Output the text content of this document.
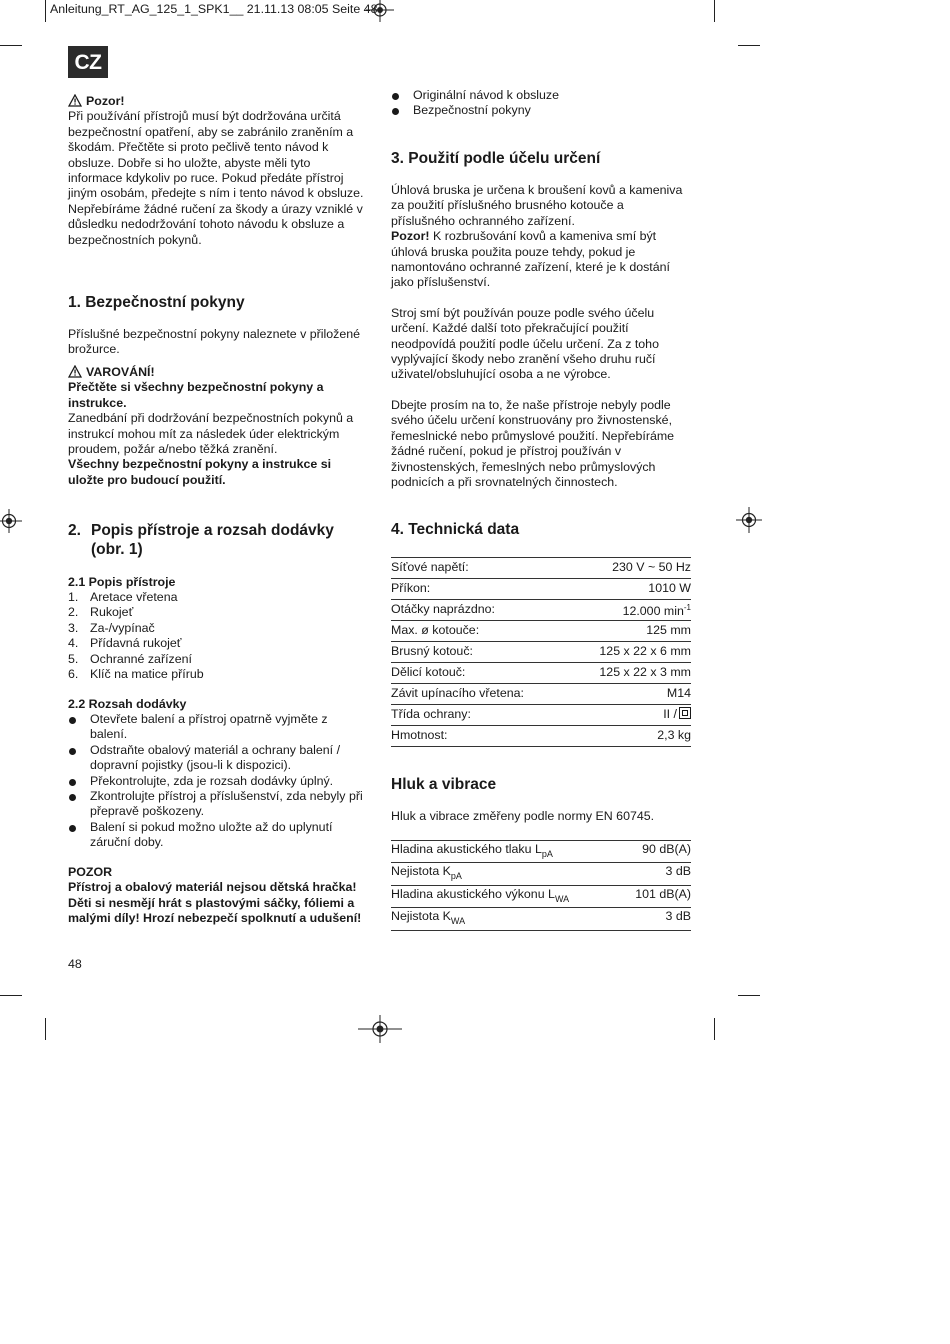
Anleitung_RT_AG_125_1_SPK1__ 21.11.13 08:05 Seite 48
CZ

Pozor!

Při používání přístrojů musí být dodržována určitá bezpečnostní opatření, aby se zabránilo zraněním a škodám. Přečtěte si proto pečlivě tento návod k obsluze. Dobře si ho uložte, abyste měli tyto informace kdykoliv po ruce. Pokud předáte přístroj jiným osobám, předejte s ním i tento návod k obsluze.

Nepřebíráme žádné ručení za škody a úrazy vzniklé v důsledku nedodržování tohoto návodu k obsluze a bezpečnostních pokynů.

1. Bezpečnostní pokyny

Příslušné bezpečnostní pokyny naleznete v přiložené brožurce.

VAROVÁNÍ!

Přečtěte si všechny bezpečnostní pokyny a instrukce.

Zanedbání při dodržování bezpečnostních pokynů a instrukcí mohou mít za následek úder elektrickým proudem, požár a/nebo těžká zranění.

Všechny bezpečnostní pokyny a instrukce si uložte pro budoucí použití.

2. Popis přístroje a rozsah dodávky (obr. 1)
2.1 Popis přístroje
1. Aretace vřetena
2. Rukojeť
3. Za-/vypínač
4. Přídavná rukojeť
5. Ochranné zařízení
6. Klíč na matice přírub
2.2 Rozsah dodávky
Otevřete balení a přístroj opatrně vyjměte z balení.
Odstraňte obalový materiál a ochrany balení / dopravní pojistky (jsou-li k dispozici).
Překontrolujte, zda je rozsah dodávky úplný.
Zkontrolujte přístroj a příslušenství, zda nebyly při přepravě poškozeny.
Balení si pokud možno uložte až do uplynutí záruční doby.

POZOR

Přístroj a obalový materiál nejsou dětská hračka! Děti si nesmějí hrát s plastovými sáčky, fóliemi a malými díly! Hrozí nebezpečí spolknutí a udušení!

48
Originální návod k obsluze
Bezpečnostní pokyny
3. Použití podle účelu určení

Úhlová bruska je určena k broušení kovů a kameniva za použití příslušného brusného kotouče a příslušného ochranného zařízení.

Pozor! K rozbrušování kovů a kameniva smí být úhlová bruska použita pouze tehdy, pokud je namontováno ochranné zařízení, které je k dostání jako příslušenství.

Stroj smí být používán pouze podle svého účelu určení. Každé další toto překračující použití neodpovídá použití podle účelu určení. Za z toho vyplývající škody nebo zranění všeho druhu ručí uživatel/obsluhující osoba a ne výrobce.

Dbejte prosím na to, že naše přístroje nebyly podle svého účelu určení konstruovány pro živnostenské, řemeslnické nebo průmyslové použití. Nepřebíráme žádné ručení, pokud je přístroj používán v živnostenských, řemeslných nebo průmyslových podnicích a při srovnatelných činnostech.

4. Technická data
Síťové napětí:	230 V ~ 50 Hz
Příkon:	1010 W
Otáčky naprázdno:	12.000 $\min^{-1}$
Max. ø kotouče:	125 mm
Brusný kotouč:	125 x 22 x 6 mm
Dělicí kotouč:	125 x 22 x 3 mm
Závit upínacího vřetena:	M14
Třída ochrany:	II /
Hmotnost:	2,3 kg
Hluk a vibrace

Hluk a vibrace změřeny podle normy EN 60745.

Hladina akustického tlaku $L_{pA}$	90 dB(A)
Nejistota $K_{pA}$	3 dB
Hladina akustického výkonu $L_{WA}$	101 dB(A)
Nejistota $K_{WA}$	3 dB
